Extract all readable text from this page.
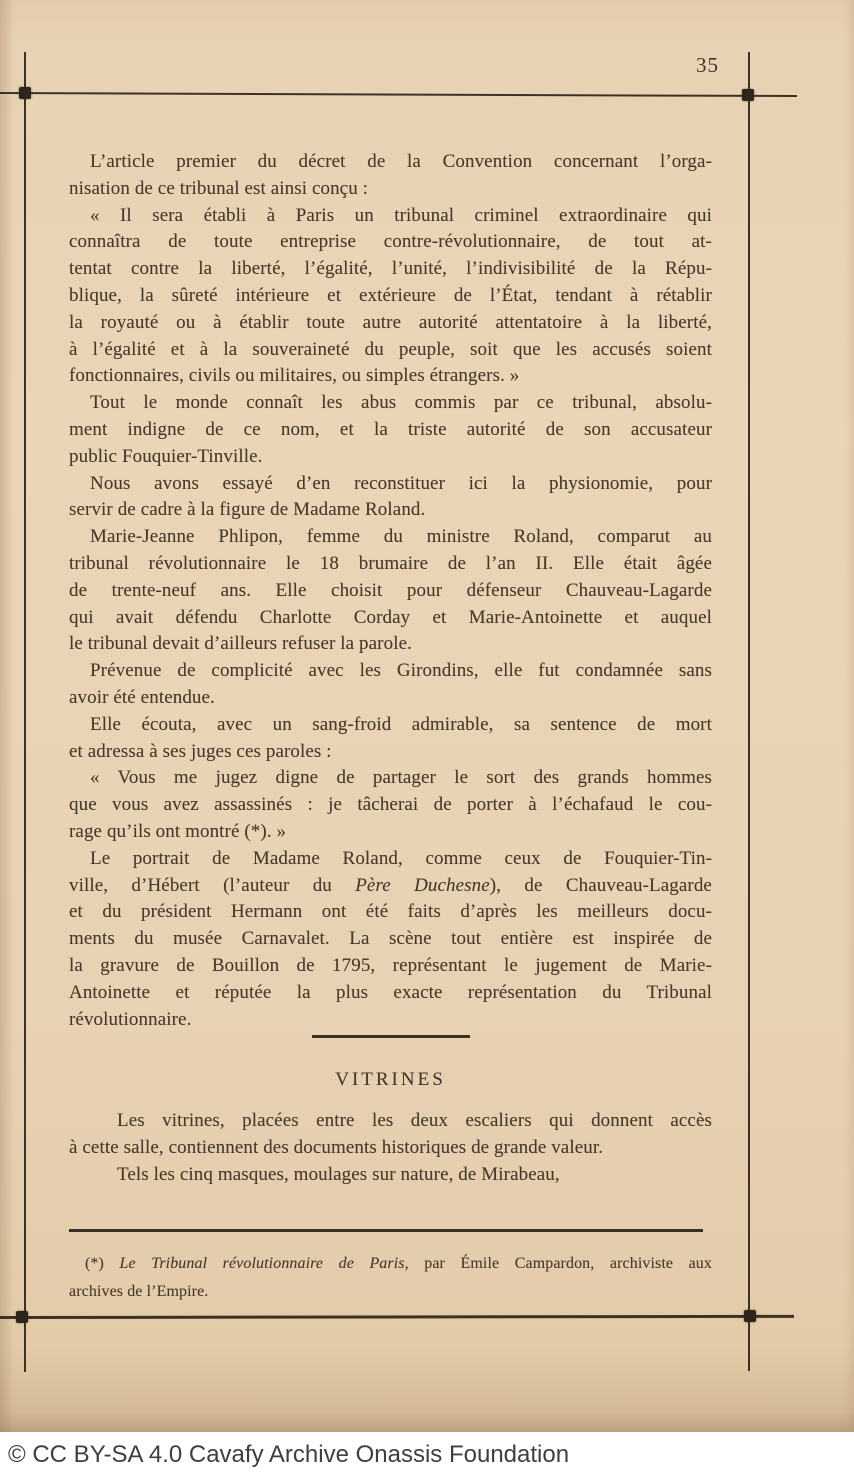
35
L’article premier du décret de la Convention concernant l’orga-
nisation de ce tribunal est ainsi conçu :
« Il sera établi à Paris un tribunal criminel extraordinaire qui
connaîtra de toute entreprise contre-révolutionnaire, de tout at-
tentat contre la liberté, l’égalité, l’unité, l’indivisibilité de la Répu-
blique, la sûreté intérieure et extérieure de l’État, tendant à rétablir
la royauté ou à établir toute autre autorité attentatoire à la liberté,
à l’égalité et à la souveraineté du peuple, soit que les accusés soient
fonctionnaires, civils ou militaires, ou simples étrangers. »
Tout le monde connaît les abus commis par ce tribunal, absolu-
ment indigne de ce nom, et la triste autorité de son accusateur
public Fouquier-Tinville.
Nous avons essayé d’en reconstituer ici la physionomie, pour
servir de cadre à la figure de Madame Roland.
Marie-Jeanne Phlipon, femme du ministre Roland, comparut au
tribunal révolutionnaire le 18 brumaire de l’an II. Elle était âgée
de trente-neuf ans. Elle choisit pour défenseur Chauveau-Lagarde
qui avait défendu Charlotte Corday et Marie-Antoinette et auquel
le tribunal devait d’ailleurs refuser la parole.
Prévenue de complicité avec les Girondins, elle fut condamnée sans
avoir été entendue.
Elle écouta, avec un sang-froid admirable, sa sentence de mort
et adressa à ses juges ces paroles :
« Vous me jugez digne de partager le sort des grands hommes
que vous avez assassinés : je tâcherai de porter à l’échafaud le cou-
rage qu’ils ont montré (*). »
Le portrait de Madame Roland, comme ceux de Fouquier-Tin-
ville, d’Hébert (l’auteur du Père Duchesne), de Chauveau-Lagarde
et du président Hermann ont été faits d’après les meilleurs docu-
ments du musée Carnavalet. La scène tout entière est inspirée de
la gravure de Bouillon de 1795, représentant le jugement de Marie-
Antoinette et réputée la plus exacte représentation du Tribunal
révolutionnaire.
VITRINES
Les vitrines, placées entre les deux escaliers qui donnent accès
à cette salle, contiennent des documents historiques de grande valeur.
Tels les cinq masques, moulages sur nature, de Mirabeau,
(*) Le Tribunal révolutionnaire de Paris, par Émile Campardon, archiviste aux
archives de l’Empire.
© CC BY-SA 4.0 Cavafy Archive Onassis Foundation
